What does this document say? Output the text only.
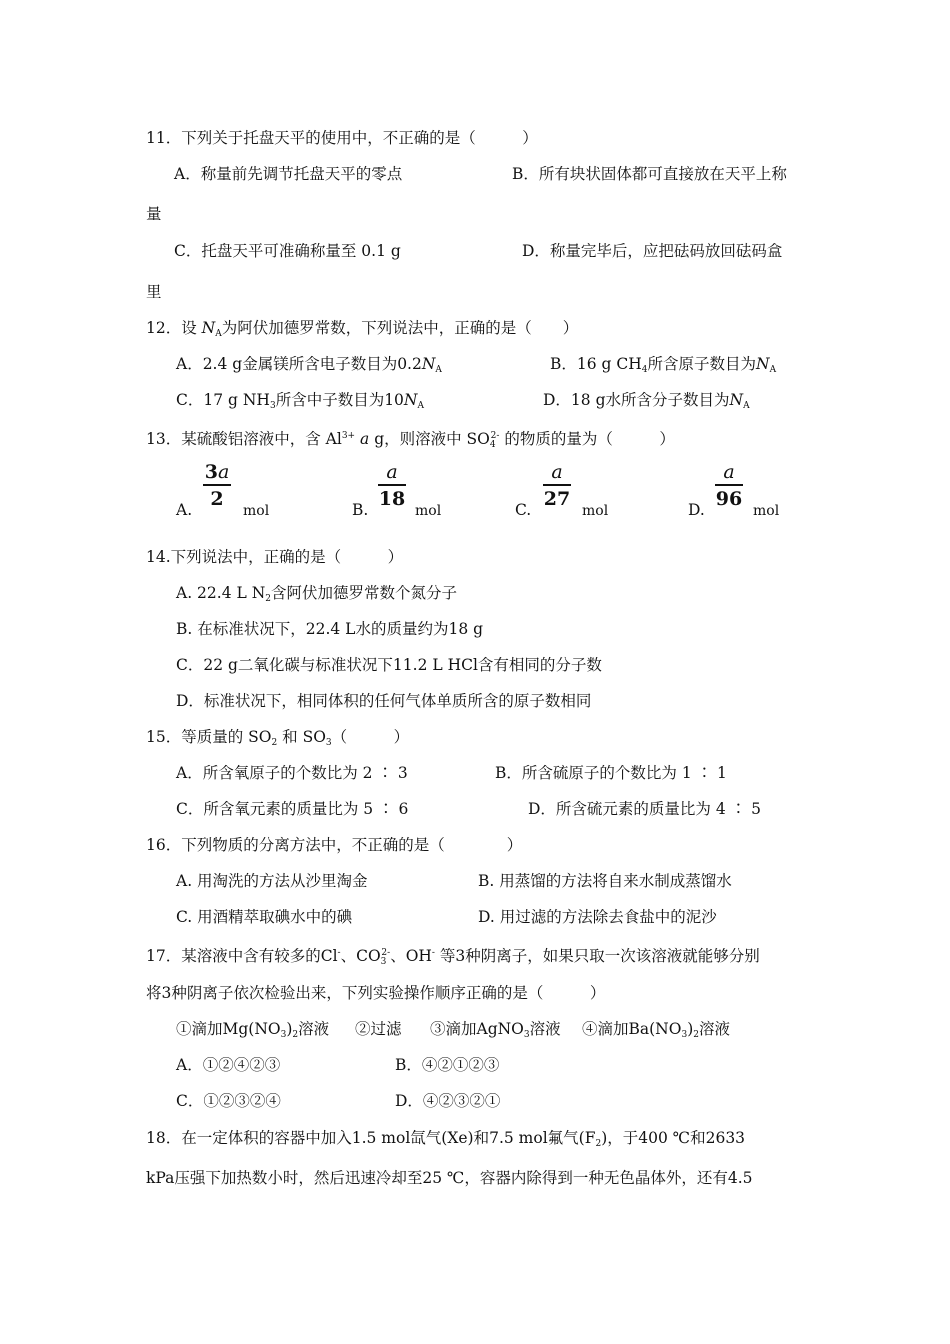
11．下列关于托盘天平的使用中，不正确的是（　　　）
A．称量前先调节托盘天平的零点	B．所有块状固体都可直接放在天平上称
量
C．托盘天平可准确称量至 0.1 g	D．称量完毕后，应把砝码放回砝码盒
里
12．设 $N_A$为阿伏加德罗常数，下列说法中，正确的是（　　）
A．2.4 g金属镁所含电子数目为$0.2N_A$	B．16 g $CH_4$所含原子数目为$N_A$
C．17 g $NH_3$所含中子数目为$10N_A$	D．18 g水所含分子数目为$N_A$
13．某硫酸铝溶液中，含 $Al^{3+}$ a g，则溶液中 $SO_4^{2-}$ 的物质的量为（　　　）
A.
3a
2
mol	B.
a
18
mol	C.
a
27
mol	D.
a
96
mol
14.下列说法中，正确的是（　　　）
A. 22.4 L $N_2$含阿伏加德罗常数个氮分子
B. 在标准状况下，22.4 L水的质量约为18 g
C．22 g二氧化碳与标准状况下11.2 L HCl含有相同的分子数
D．标准状况下，相同体积的任何气体单质所含的原子数相同
15．等质量的 $SO_2$ 和 $SO_3$（　　　）
A．所含氧原子的个数比为 2 ∶ 3	B．所含硫原子的个数比为 1 ∶ 1
C．所含氧元素的质量比为 5 ∶ 6	D．所含硫元素的质量比为 4 ∶ 5
16．下列物质的分离方法中，不正确的是（　　　　）
A. 用淘洗的方法从沙里淘金	B. 用蒸馏的方法将自来水制成蒸馏水
C. 用酒精萃取碘水中的碘	D. 用过滤的方法除去食盐中的泥沙
17．某溶液中含有较多的Cl-、$CO_3^{2-}$、OH- 等3种阴离子，如果只取一次该溶液就能够分别
将3种阴离子依次检验出来，下列实验操作顺序正确的是（　　　）
①滴加$Mg(NO_3)_2$溶液 ②过滤 ③滴加AgNO$_3$溶液 ④滴加$Ba(NO_3)_2$溶液
A．①②④②③	B．④②①②③
C．①②③②④	D．④②③②①
18．在一定体积的容器中加入1.5 mol氙气(Xe)和7.5 mol氟气$(F_2)$，于400 ℃和2633
kPa压强下加热数小时，然后迅速冷却至25 ℃，容器内除得到一种无色晶体外，还有4.5
